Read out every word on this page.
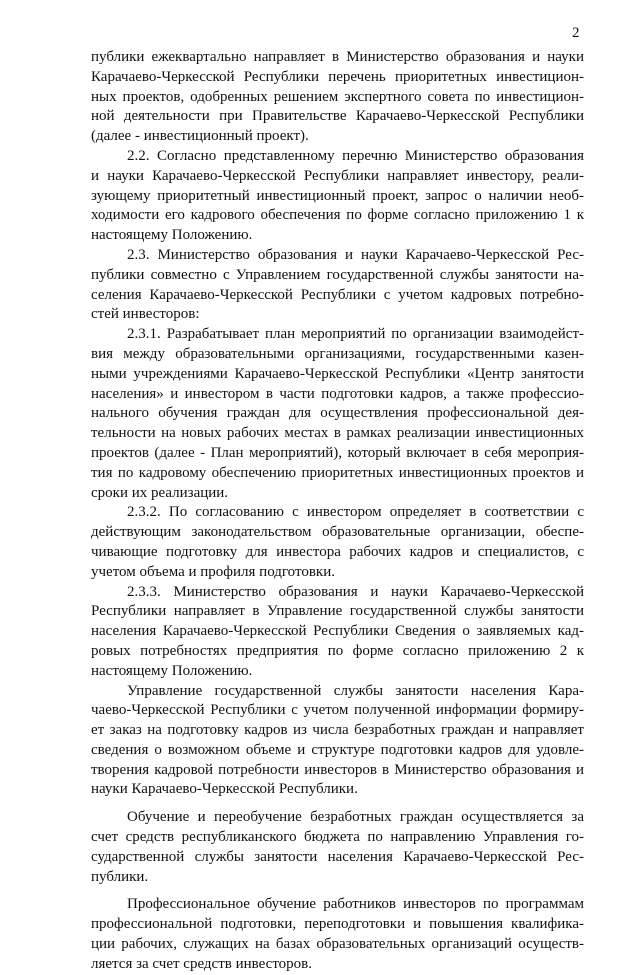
2
публики ежеквартально направляет в Министерство образования и науки
Карачаево-Черкесской Республики перечень приоритетных инвестицион-
ных проектов, одобренных решением экспертного совета по инвестицион-
ной деятельности при Правительстве Карачаево-Черкесской Республики
(далее - инвестиционный проект).
2.2. Согласно представленному перечню Министерство образования
и науки Карачаево-Черкесской Республики направляет инвестору, реали-
зующему приоритетный инвестиционный проект, запрос о наличии необ-
ходимости его кадрового обеспечения по форме согласно приложению 1 к
настоящему Положению.
2.3. Министерство образования и науки Карачаево-Черкесской Рес-
публики совместно с Управлением государственной службы занятости на-
селения Карачаево-Черкесской Республики с учетом кадровых потребно-
стей инвесторов:
2.3.1. Разрабатывает план мероприятий по организации взаимодейст-
вия между образовательными организациями, государственными казен-
ными учреждениями Карачаево-Черкесской Республики «Центр занятости
населения» и инвестором в части подготовки кадров, а также профессио-
нального обучения граждан для осуществления профессиональной дея-
тельности на новых рабочих местах в рамках реализации инвестиционных
проектов (далее - План мероприятий), который включает в себя мероприя-
тия по кадровому обеспечению приоритетных инвестиционных проектов и
сроки их реализации.
2.3.2. По согласованию с инвестором определяет в соответствии с
действующим законодательством образовательные организации, обеспе-
чивающие подготовку для инвестора рабочих кадров и специалистов, с
учетом объема и профиля подготовки.
2.3.3. Министерство образования и науки Карачаево-Черкесской
Республики направляет в Управление государственной службы занятости
населения Карачаево-Черкесской Республики Сведения о заявляемых кад-
ровых потребностях предприятия по форме согласно приложению 2 к
настоящему Положению.
Управление государственной службы занятости населения Кара-
чаево-Черкесской Республики с учетом полученной информации формиру-
ет заказ на подготовку кадров из числа безработных граждан и направляет
сведения о возможном объеме и структуре подготовки кадров для удовле-
творения кадровой потребности инвесторов в Министерство образования и
науки Карачаево-Черкесской Республики.
Обучение и переобучение безработных граждан осуществляется за
счет средств республиканского бюджета по направлению Управления го-
сударственной службы занятости населения Карачаево-Черкесской Рес-
публики.
Профессиональное обучение работников инвесторов по программам
профессиональной подготовки, переподготовки и повышения квалифика-
ции рабочих, служащих на базах образовательных организаций осуществ-
ляется за счет средств инвесторов.
